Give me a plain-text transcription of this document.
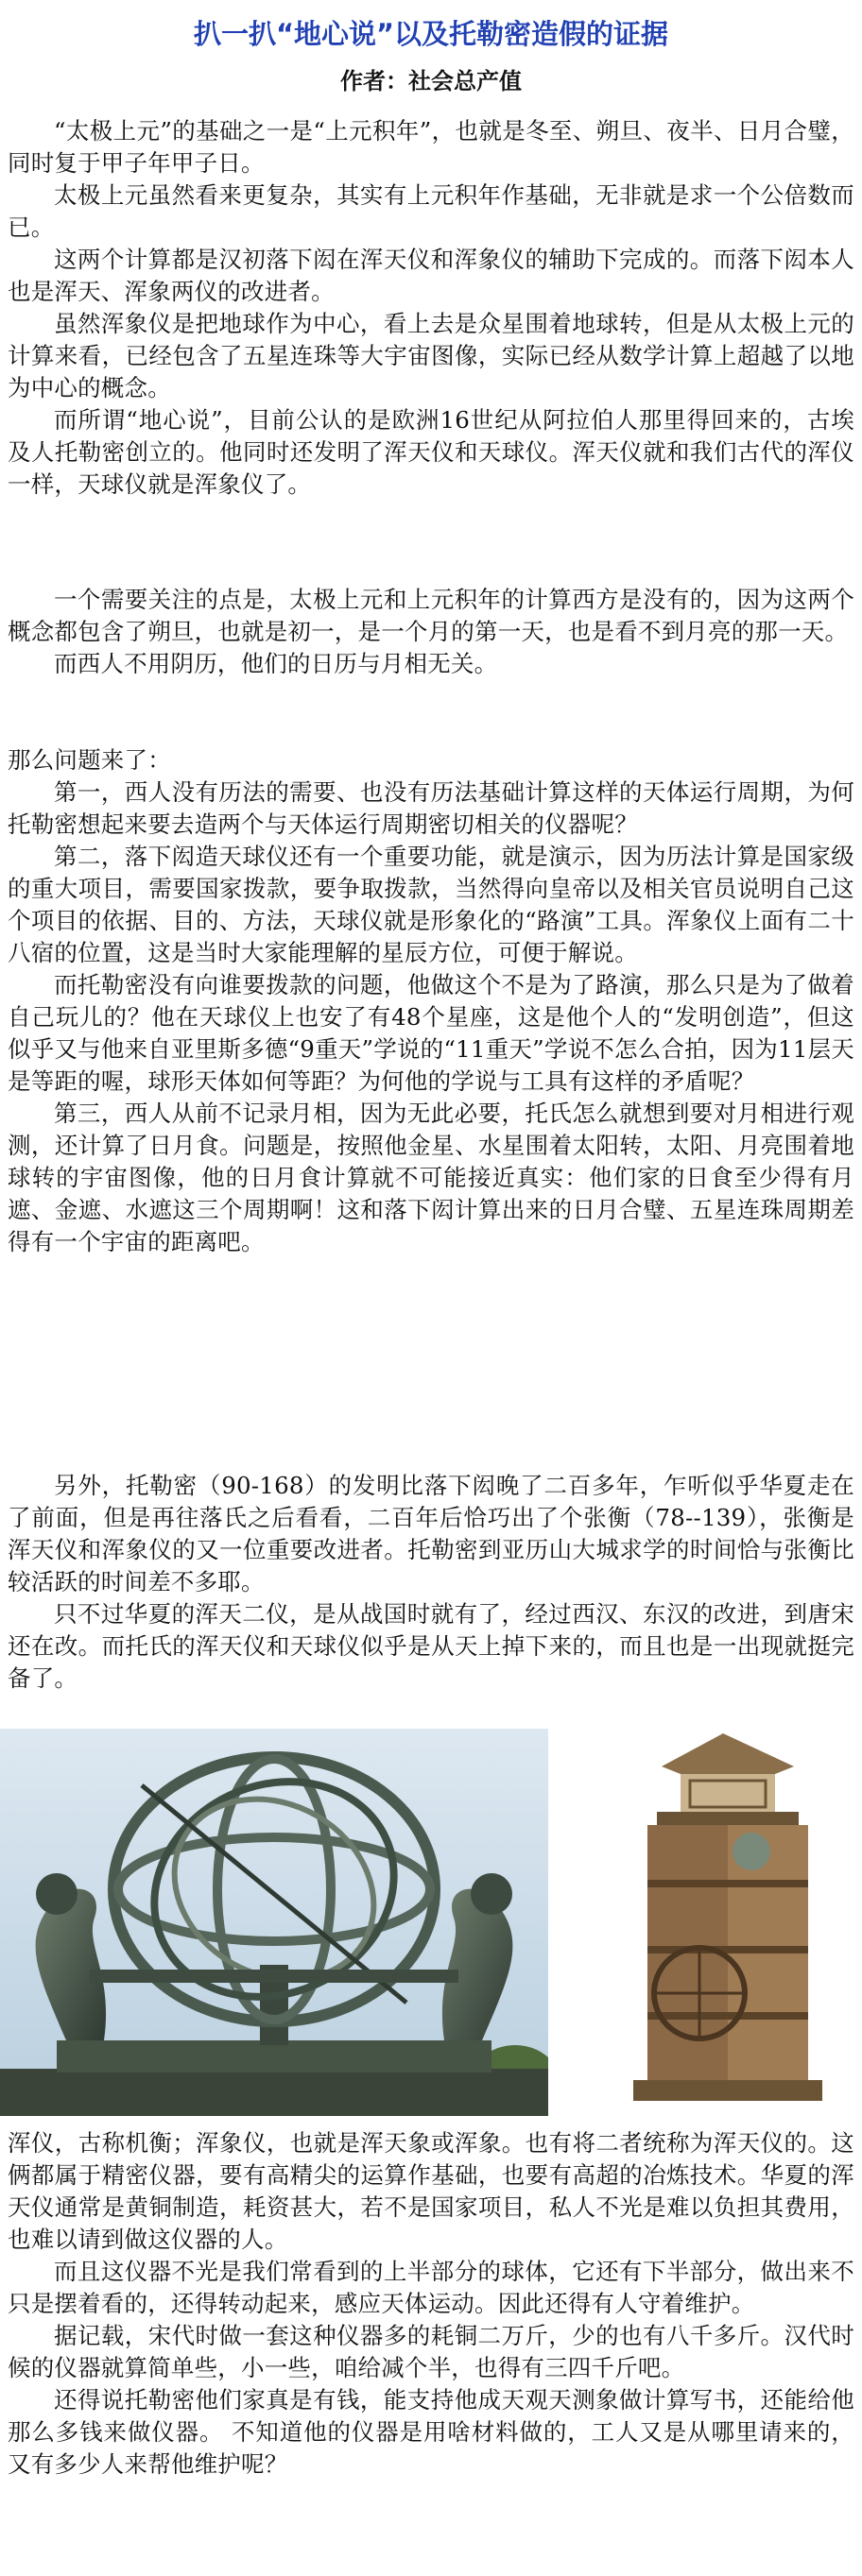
扒一扒“地心说”以及托勒密造假的证据
作者：社会总产值

“太极上元”的基础之一是“上元积年”，也就是冬至、朔旦、夜半、日月合璧，同时复于甲子年甲子日。

太极上元虽然看来更复杂，其实有上元积年作基础，无非就是求一个公倍数而已。

这两个计算都是汉初落下闳在浑天仪和浑象仪的辅助下完成的。而落下闳本人也是浑天、浑象两仪的改进者。

虽然浑象仪是把地球作为中心，看上去是众星围着地球转，但是从太极上元的计算来看，已经包含了五星连珠等大宇宙图像，实际已经从数学计算上超越了以地为中心的概念。

而所谓“地心说”，目前公认的是欧洲16世纪从阿拉伯人那里得回来的，古埃及人托勒密创立的。他同时还发明了浑天仪和天球仪。浑天仪就和我们古代的浑仪一样，天球仪就是浑象仪了。

一个需要关注的点是，太极上元和上元积年的计算西方是没有的，因为这两个概念都包含了朔旦，也就是初一，是一个月的第一天，也是看不到月亮的那一天。

而西人不用阴历，他们的日历与月相无关。

那么问题来了：

第一，西人没有历法的需要、也没有历法基础计算这样的天体运行周期，为何托勒密想起来要去造两个与天体运行周期密切相关的仪器呢？

第二，落下闳造天球仪还有一个重要功能，就是演示，因为历法计算是国家级的重大项目，需要国家拨款，要争取拨款，当然得向皇帝以及相关官员说明自己这个项目的依据、目的、方法，天球仪就是形象化的“路演”工具。浑象仪上面有二十八宿的位置，这是当时大家能理解的星辰方位，可便于解说。

而托勒密没有向谁要拨款的问题，他做这个不是为了路演，那么只是为了做着自己玩儿的？他在天球仪上也安了有48个星座，这是他个人的“发明创造”，但这似乎又与他来自亚里斯多德“9重天”学说的“11重天”学说不怎么合拍，因为11层天是等距的喔，球形天体如何等距？为何他的学说与工具有这样的矛盾呢？

第三，西人从前不记录月相，因为无此必要，托氏怎么就想到要对月相进行观测，还计算了日月食。问题是，按照他金星、水星围着太阳转，太阳、月亮围着地球转的宇宙图像，他的日月食计算就不可能接近真实：他们家的日食至少得有月遮、金遮、水遮这三个周期啊！这和落下闳计算出来的日月合璧、五星连珠周期差得有一个宇宙的距离吧。

另外，托勒密（90-168）的发明比落下闳晚了二百多年，乍听似乎华夏走在了前面，但是再往落氏之后看看，二百年后恰巧出了个张衡（78--139），张衡是浑天仪和浑象仪的又一位重要改进者。托勒密到亚历山大城求学的时间恰与张衡比较活跃的时间差不多耶。

只不过华夏的浑天二仪，是从战国时就有了，经过西汉、东汉的改进，到唐宋还在改。而托氏的浑天仪和天球仪似乎是从天上掉下来的，而且也是一出现就挺完备了。

浑仪，古称机衡；浑象仪，也就是浑天象或浑象。也有将二者统称为浑天仪的。这俩都属于精密仪器，要有高精尖的运算作基础，也要有高超的冶炼技术。华夏的浑天仪通常是黄铜制造，耗资甚大，若不是国家项目，私人不光是难以负担其费用，也难以请到做这仪器的人。

而且这仪器不光是我们常看到的上半部分的球体，它还有下半部分，做出来不只是摆着看的，还得转动起来，感应天体运动。因此还得有人守着维护。

据记载，宋代时做一套这种仪器多的耗铜二万斤，少的也有八千多斤。汉代时候的仪器就算简单些，小一些，咱给减个半，也得有三四千斤吧。

还得说托勒密他们家真是有钱，能支持他成天观天测象做计算写书，还能给他那么多钱来做仪器。 不知道他的仪器是用啥材料做的，工人又是从哪里请来的，又有多少人来帮他维护呢？
